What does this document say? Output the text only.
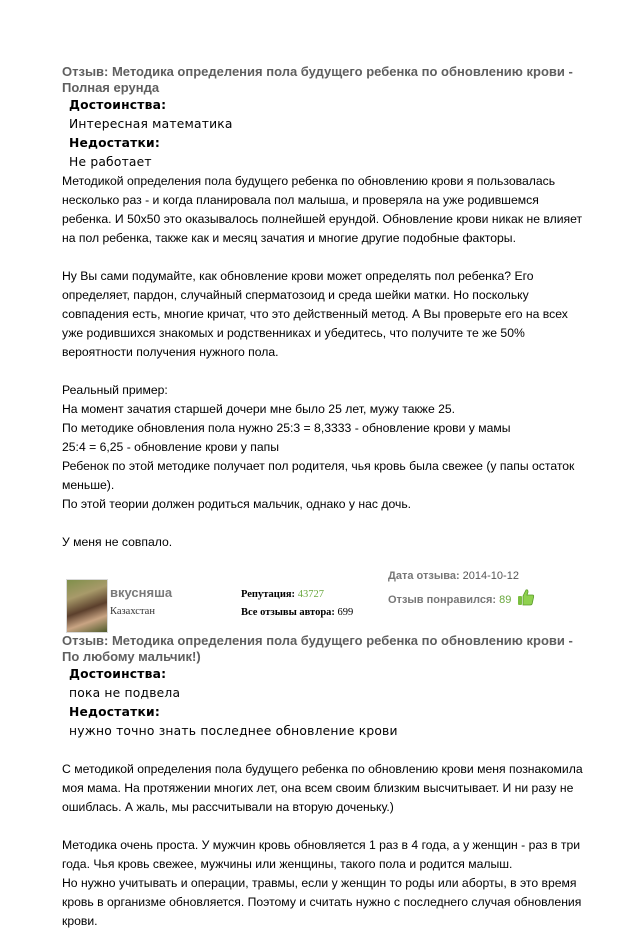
Отзыв: Методика определения пола будущего ребенка по обновлению крови - Полная ерунда
Достоинства:
Интересная математика
Недостатки:
Не работает
Методикой определения пола будущего ребенка по обновлению крови я пользовалась
несколько раз - и когда планировала пол малыша, и проверяла на уже родившемся
ребенка. И 50х50 это оказывалось полнейшей ерундой. Обновление крови никак не влияет
на пол ребенка, также как и месяц зачатия и многие другие подобные факторы.
Ну Вы сами подумайте, как обновление крови может определять пол ребенка? Его
определяет, пардон, случайный сперматозоид и среда шейки матки. Но поскольку
совпадения есть, многие кричат, что это действенный метод. А Вы проверьте его на всех
уже родившихся знакомых и родственниках и убедитесь, что получите те же 50%
вероятности получения нужного пола.
Реальный пример:
На момент зачатия старшей дочери мне было 25 лет, мужу также 25.
По методике обновления пола нужно 25:3 = 8,3333 - обновление крови у мамы
25:4 = 6,25 - обновление крови у папы
Ребенок по этой методике получает пол родителя, чья кровь была свежее (у папы остаток
меньше).
По этой теории должен родиться мальчик, однако у нас дочь.
У меня не совпало.
вкусняша
Казахстан
Репутация: 43727
Все отзывы автора: 699
Дата отзыва: 2014-10-12
Отзыв понравился: 89
Отзыв: Методика определения пола будущего ребенка по обновлению крови - По любому мальчик!)
Достоинства:
пока не подвела
Недостатки:
нужно точно знать последнее обновление крови
С методикой определения пола будущего ребенка по обновлению крови меня познакомила
моя мама. На протяжении многих лет, она всем своим близким высчитывает. И ни разу не
ошиблась. А жаль, мы рассчитывали на вторую доченьку.)
Методика очень проста. У мужчин кровь обновляется 1 раз в 4 года, а у женщин - раз в три
года. Чья кровь свежее, мужчины или женщины, такого пола и родится малыш.
Но нужно учитывать и операции, травмы, если у женщин то роды или аборты, в это время
кровь в организме обновляется. Поэтому и считать нужно с последнего случая обновления
крови.
